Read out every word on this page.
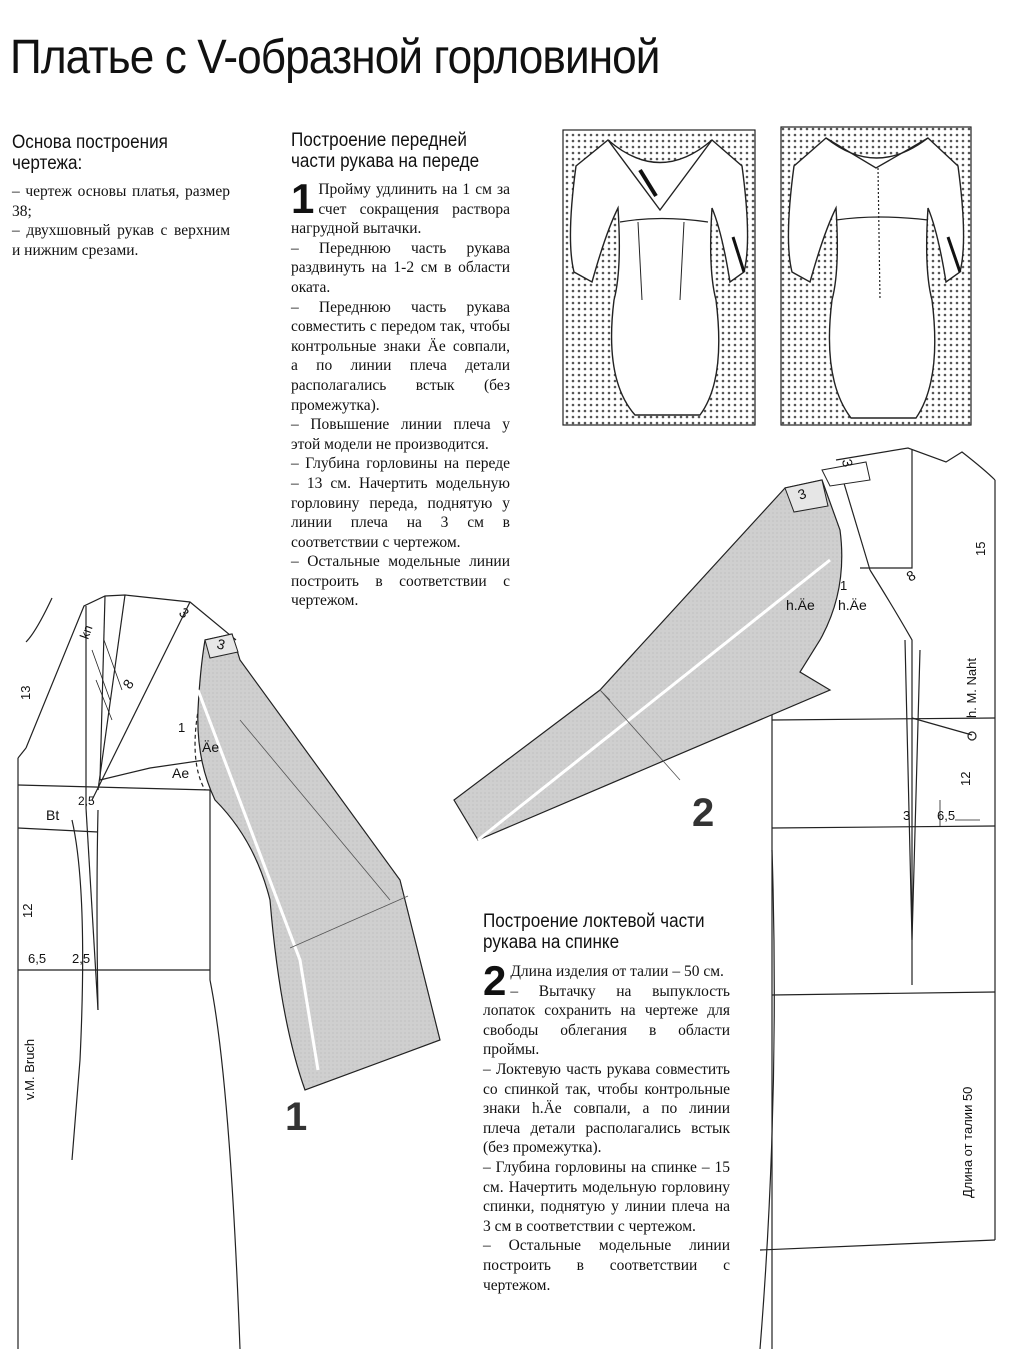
kn
3
3
8
13
1
Äe
Ae
Bt
2,5
12
6,5 2,5
v.M. Bruch
1
3
3
15
8
1
h.Äe h.Äe
h. M. Naht
12
3 6,5
Длина от талии 50
2
Платье с V-образной горловиной
Основа построения чертежа:

– чертеж основы платья, размер 38;

– двухшовный рукав с верхним и нижним срезами.

Построение передней части рукава на переде
1 Пройму удлинить на 1 см за счет сокращения раствора нагрудной вытачки.

– Переднюю часть рукава раздвинуть на 1-2 см в области оката.

– Переднюю часть рукава совместить с передом так, чтобы контрольные знаки Äe совпали, а по линии плеча детали располагались встык (без промежутка).

– Повышение линии плеча у этой модели не производится.

– Глубина горловины на переде – 13 см. Начертить модельную горловину переда, поднятую у линии плеча на 3 см в соответствии с чертежом.

– Остальные модельные линии построить в соответствии с чертежом.

Построение локтевой части рукава на спинке
2 Длина изделия от талии – 50 см.

– Вытачку на выпуклость лопаток сохранить на чертеже для свободы облегания в области проймы.

– Локтевую часть рукава совместить со спинкой так, чтобы контрольные знаки h.Äe совпали, а по линии плеча детали располагались встык (без промежутка).

– Глубина горловины на спинке – 15 см. Начертить модельную горловину спинки, поднятую у линии плеча на 3 см в соответствии с чертежом.

– Остальные модельные линии построить в соответствии с чертежом.
